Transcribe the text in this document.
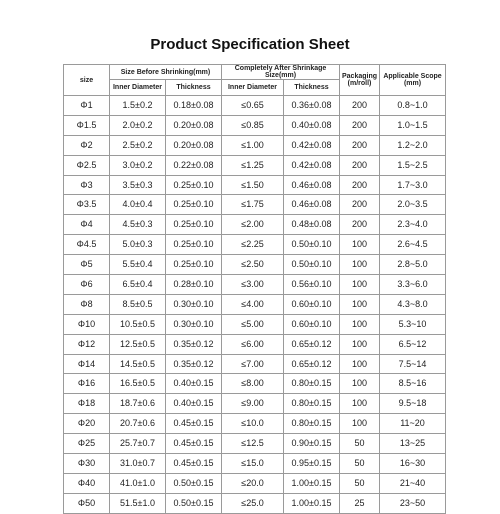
Product Specification Sheet
size	Size Before Shrinking(mm)		Completely After Shrinkage Size(mm)		Packaging (m/roll)	Applicable Scope (mm)
	Inner Diameter	Thickness	Inner Diameter	Thickness		
Φ1	1.5±0.2	0.18±0.08	≤0.65	0.36±0.08	200	0.8~1.0
Φ1.5	2.0±0.2	0.20±0.08	≤0.85	0.40±0.08	200	1.0~1.5
Φ2	2.5±0.2	0.20±0.08	≤1.00	0.42±0.08	200	1.2~2.0
Φ2.5	3.0±0.2	0.22±0.08	≤1.25	0.42±0.08	200	1.5~2.5
Φ3	3.5±0.3	0.25±0.10	≤1.50	0.46±0.08	200	1.7~3.0
Φ3.5	4.0±0.4	0.25±0.10	≤1.75	0.46±0.08	200	2.0~3.5
Φ4	4.5±0.3	0.25±0.10	≤2.00	0.48±0.08	200	2.3~4.0
Φ4.5	5.0±0.3	0.25±0.10	≤2.25	0.50±0.10	100	2.6~4.5
Φ5	5.5±0.4	0.25±0.10	≤2.50	0.50±0.10	100	2.8~5.0
Φ6	6.5±0.4	0.28±0.10	≤3.00	0.56±0.10	100	3.3~6.0
Φ8	8.5±0.5	0.30±0.10	≤4.00	0.60±0.10	100	4.3~8.0
Φ10	10.5±0.5	0.30±0.10	≤5.00	0.60±0.10	100	5.3~10
Φ12	12.5±0.5	0.35±0.12	≤6.00	0.65±0.12	100	6.5~12
Φ14	14.5±0.5	0.35±0.12	≤7.00	0.65±0.12	100	7.5~14
Φ16	16.5±0.5	0.40±0.15	≤8.00	0.80±0.15	100	8.5~16
Φ18	18.7±0.6	0.40±0.15	≤9.00	0.80±0.15	100	9.5~18
Φ20	20.7±0.6	0.45±0.15	≤10.0	0.80±0.15	100	11~20
Φ25	25.7±0.7	0.45±0.15	≤12.5	0.90±0.15	50	13~25
Φ30	31.0±0.7	0.45±0.15	≤15.0	0.95±0.15	50	16~30
Φ40	41.0±1.0	0.50±0.15	≤20.0	1.00±0.15	50	21~40
Φ50	51.5±1.0	0.50±0.15	≤25.0	1.00±0.15	25	23~50
